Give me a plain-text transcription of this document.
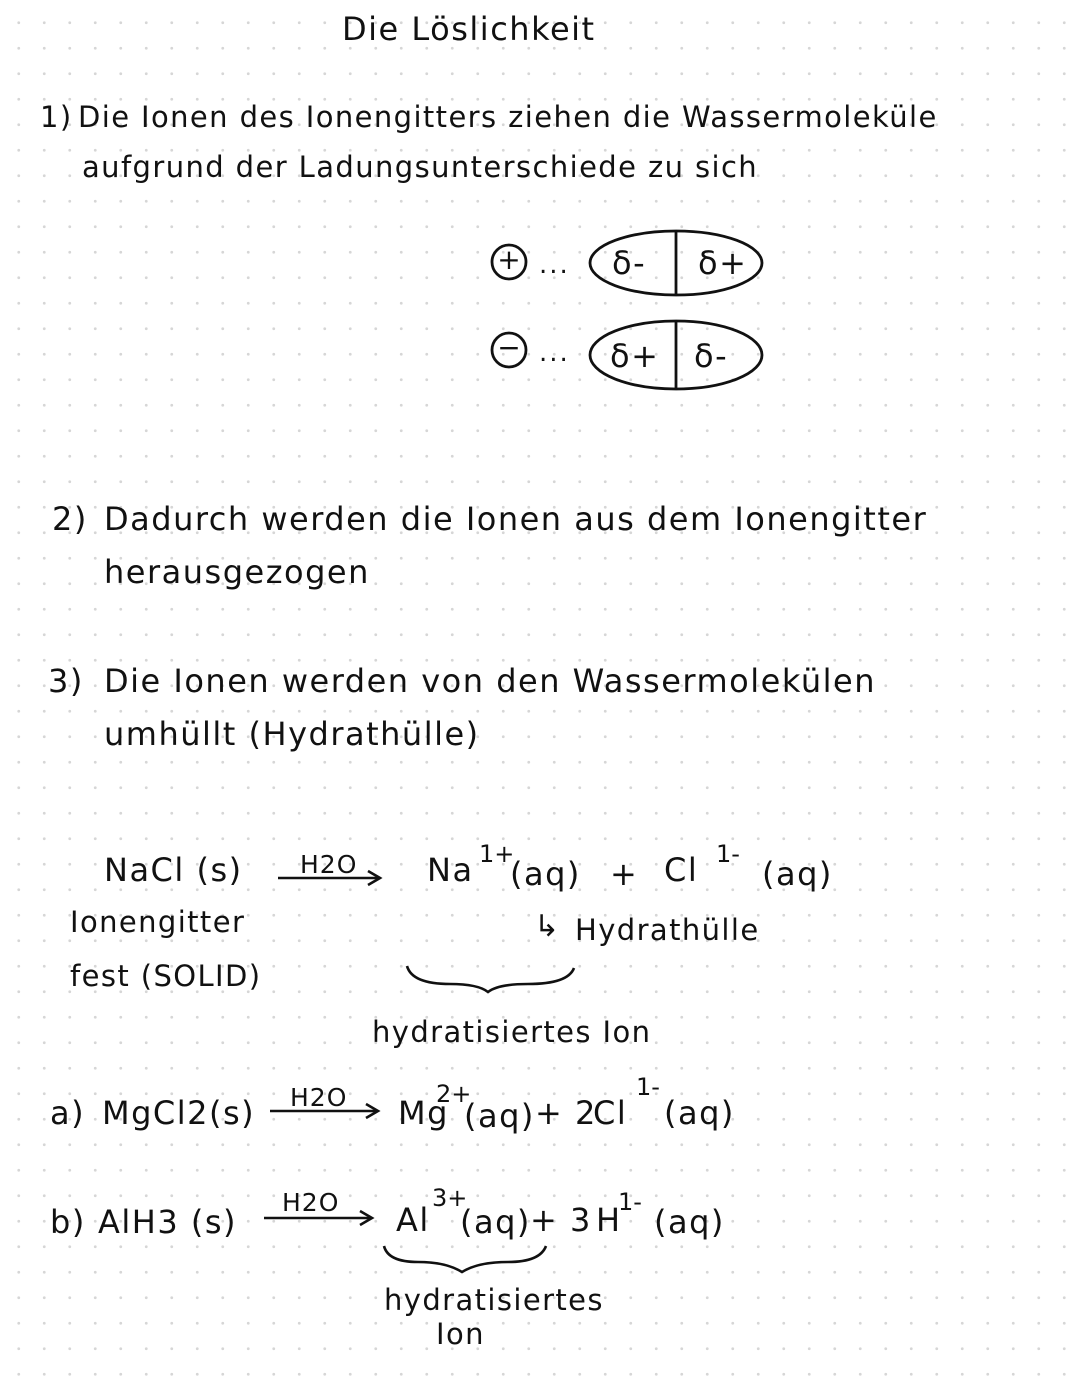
Die Löslichkeit
1) Die Ionen des Ionengitters ziehen die Wassermoleküle
aufgrund der Ladungsunterschiede zu sich
+ ... δ- δ+
− ... δ+ δ-
2) Dadurch werden die Ionen aus dem Ionengitter
herausgezogen
3) Die Ionen werden von den Wassermolekülen
umhüllt (Hydrathülle)
NaCl (s) H2O Na 1+
(aq) + Cl 1-
(aq)
Ionengitter
fest (SOLID)
↳ Hydrathülle
hydratisiertes Ion
a) MgCl2(s) H2O Mg
2+
(aq) + 2
Cl
1-
(aq)
b) AlH3 (s)
H2O Al
3+
(aq) + 3 H
1-
(aq)
hydratisiertes
Ion
